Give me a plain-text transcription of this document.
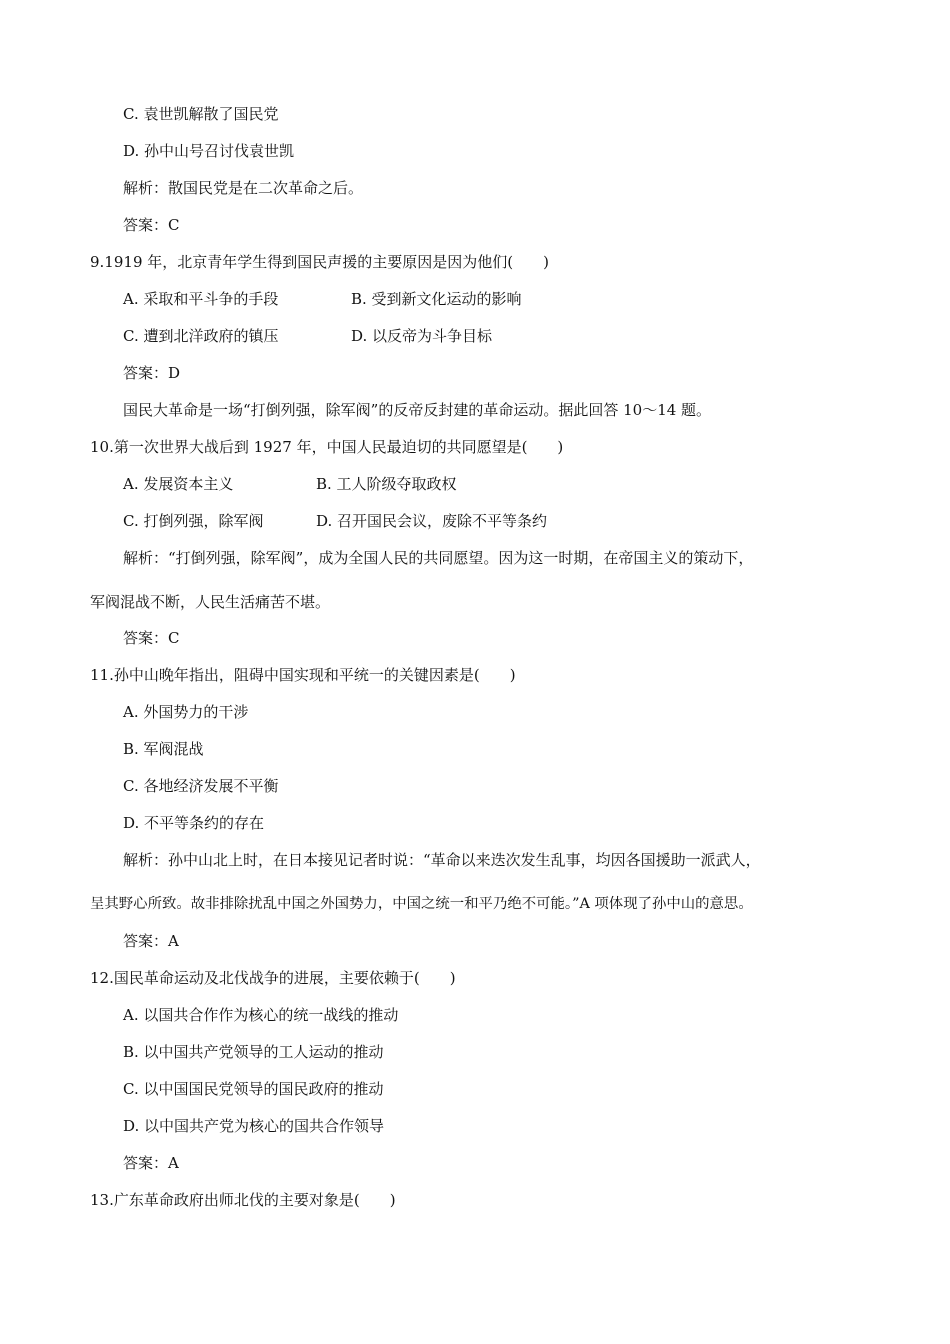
C. 袁世凯解散了国民党
D. 孙中山号召讨伐袁世凯
解析：散国民党是在二次革命之后。
答案：C
9.1919 年，北京青年学生得到国民声援的主要原因是因为他们(　　)
A. 采取和平斗争的手段	B. 受到新文化运动的影响
C. 遭到北洋政府的镇压	D. 以反帝为斗争目标
答案：D
国民大革命是一场“打倒列强，除军阀”的反帝反封建的革命运动。据此回答 10～14 题。
10.第一次世界大战后到 1927 年，中国人民最迫切的共同愿望是(　　)
A. 发展资本主义	B. 工人阶级夺取政权
C. 打倒列强，除军阀	D. 召开国民会议，废除不平等条约
解析：“打倒列强，除军阀”，成为全国人民的共同愿望。因为这一时期，在帝国主义的策动下，
军阀混战不断，人民生活痛苦不堪。
答案：C
11.孙中山晚年指出，阻碍中国实现和平统一的关键因素是(　　)
A. 外国势力的干涉
B. 军阀混战
C. 各地经济发展不平衡
D. 不平等条约的存在
解析：孙中山北上时，在日本接见记者时说：“革命以来迭次发生乱事，均因各国援助一派武人，
呈其野心所致。故非排除扰乱中国之外国势力，中国之统一和平乃绝不可能。”A 项体现了孙中山的意思。
答案：A
12.国民革命运动及北伐战争的进展，主要依赖于(　　)
A. 以国共合作作为核心的统一战线的推动
B. 以中国共产党领导的工人运动的推动
C. 以中国国民党领导的国民政府的推动
D. 以中国共产党为核心的国共合作领导
答案：A
13.广东革命政府出师北伐的主要对象是(　　)
